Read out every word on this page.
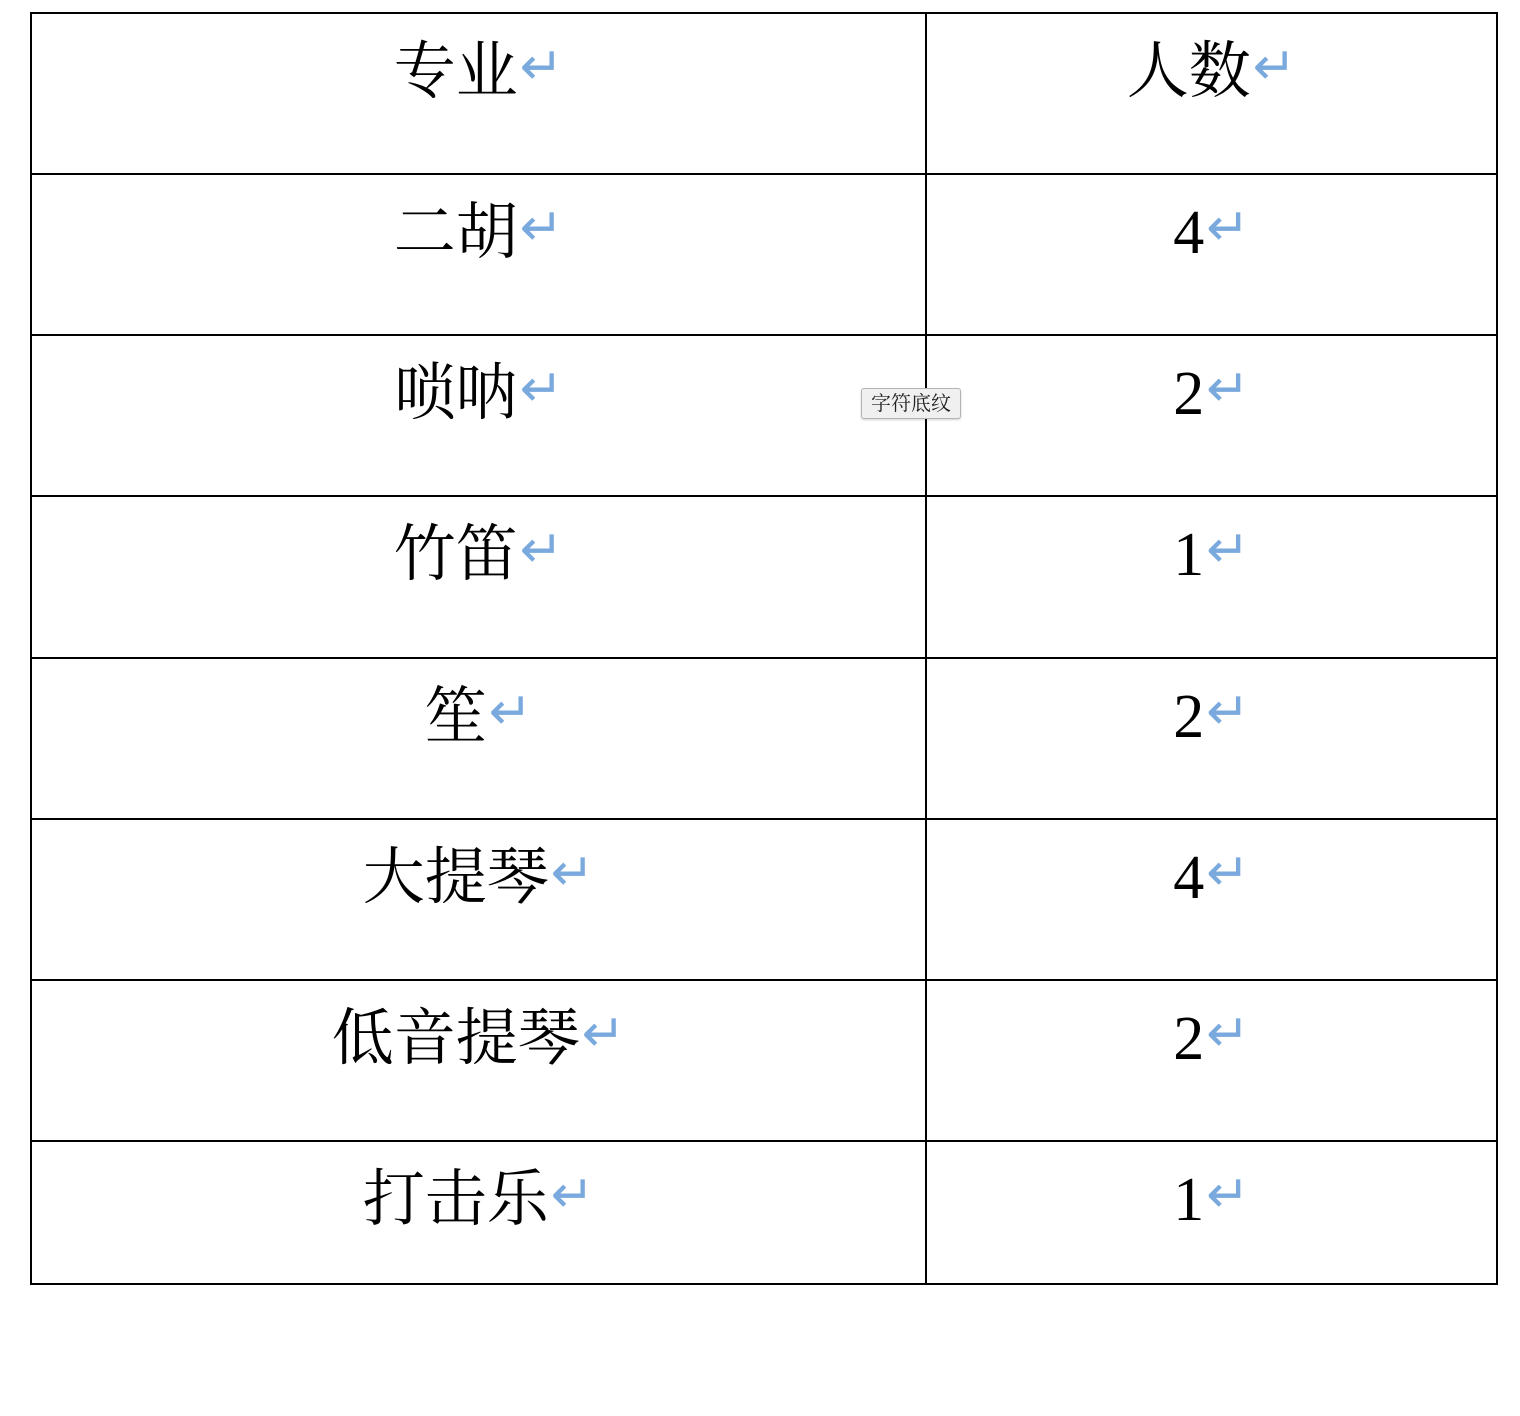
专业↵	人数↵

二胡↵	4↵

唢呐↵	2↵

竹笛↵	1↵

笙↵	2↵

大提琴↵	4↵

低音提琴↵	2↵

打击乐↵	1↵
字符底纹
